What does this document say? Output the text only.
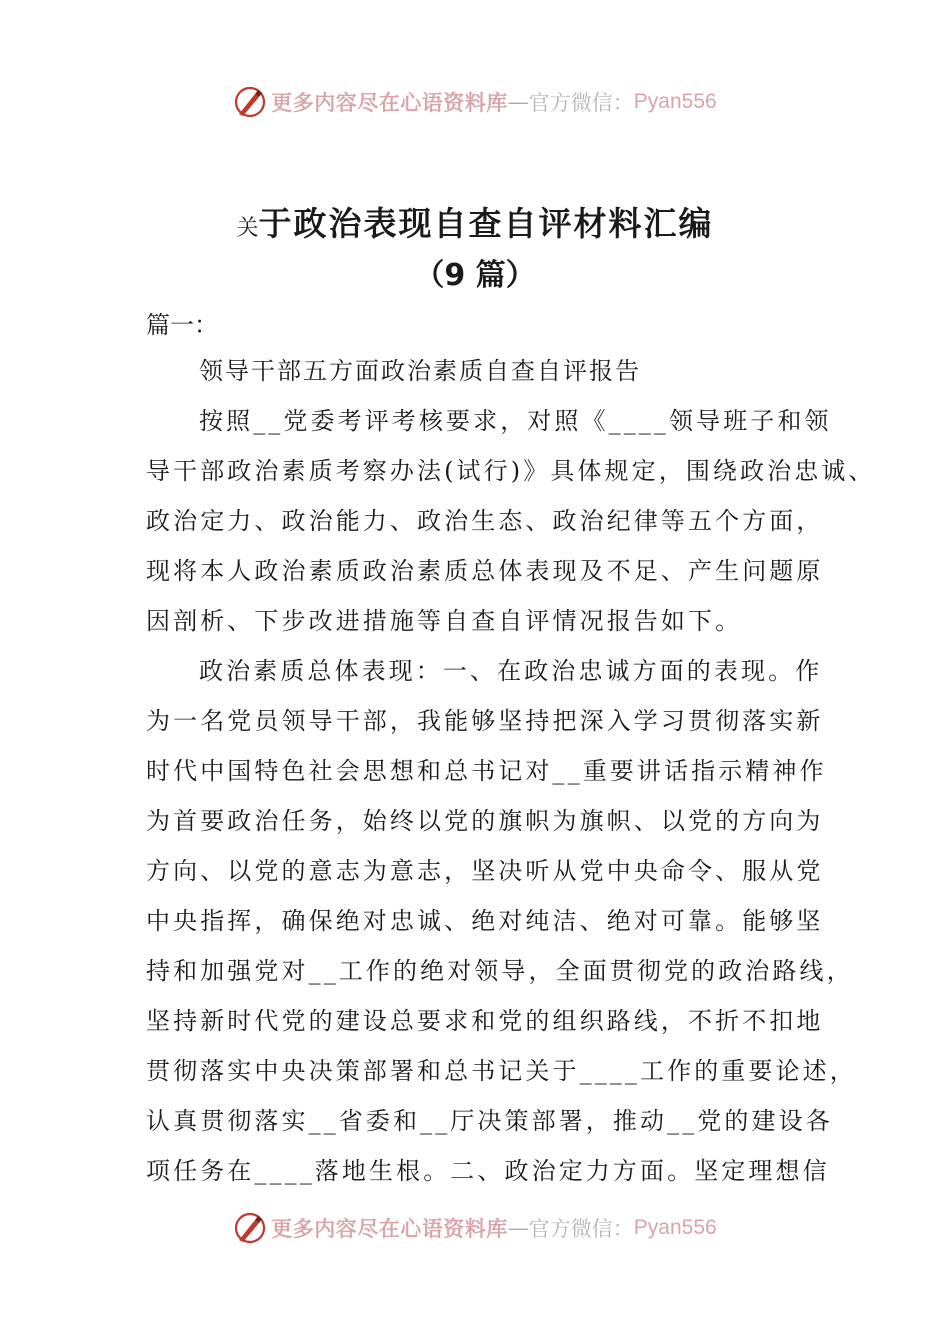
更多内容尽在心语资料库 — 官方微信： Pyan556
关于政治表现自查自评材料汇编
（9 篇）
篇一：
领导干部五方面政治素质自查自评报告
按照__党委考评考核要求，对照《____领导班子和领
导干部政治素质考察办法(试行)》具体规定，围绕政治忠诚、
政治定力、政治能力、政治生态、政治纪律等五个方面，
现将本人政治素质政治素质总体表现及不足、产生问题原
因剖析、下步改进措施等自查自评情况报告如下。
政治素质总体表现：一、在政治忠诚方面的表现。作
为一名党员领导干部，我能够坚持把深入学习贯彻落实新
时代中国特色社会思想和总书记对__重要讲话指示精神作
为首要政治任务，始终以党的旗帜为旗帜、以党的方向为
方向、以党的意志为意志，坚决听从党中央命令、服从党
中央指挥，确保绝对忠诚、绝对纯洁、绝对可靠。能够坚
持和加强党对__工作的绝对领导，全面贯彻党的政治路线，
坚持新时代党的建设总要求和党的组织路线，不折不扣地
贯彻落实中央决策部署和总书记关于____工作的重要论述，
认真贯彻落实__省委和__厅决策部署，推动__党的建设各
项任务在____落地生根。二、政治定力方面。坚定理想信
更多内容尽在心语资料库 — 官方微信： Pyan556
